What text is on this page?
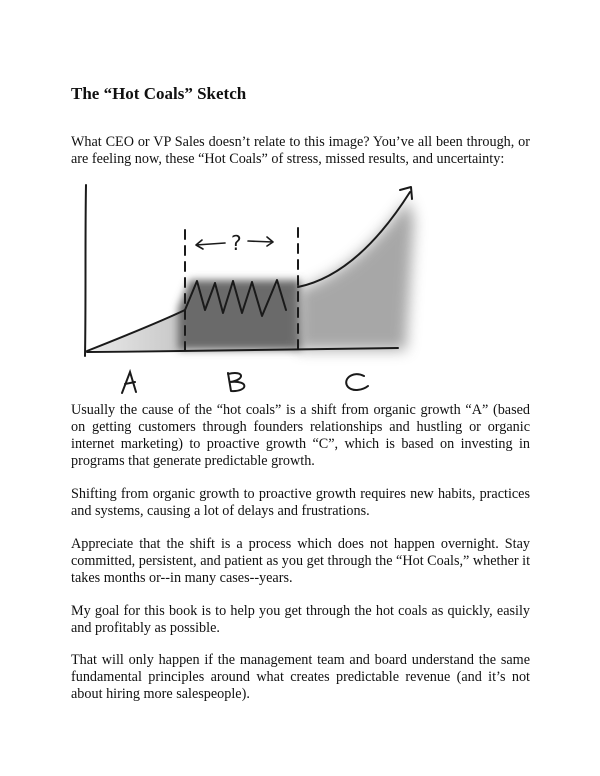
The “Hot Coals” Sketch

What CEO or VP Sales doesn’t relate to this image? You’ve all been through, or are feeling now, these “Hot Coals” of stress, missed results, and uncertainty:

?

Usually the cause of the “hot coals” is a shift from organic growth “A” (based on getting customers through founders relationships and hustling or organic internet marketing) to proactive growth “C”, which is based on investing in programs that generate predictable growth.

Shifting from organic growth to proactive growth requires new habits, practices and systems, causing a lot of delays and frustrations.

Appreciate that the shift is a process which does not happen overnight. Stay committed, persistent, and patient as you get through the “Hot Coals,” whether it takes months or--in many cases--years.

My goal for this book is to help you get through the hot coals as quickly, easily and profitably as possible.

That will only happen if the management team and board understand the same fundamental principles around what creates predictable revenue (and it’s not about hiring more salespeople).
